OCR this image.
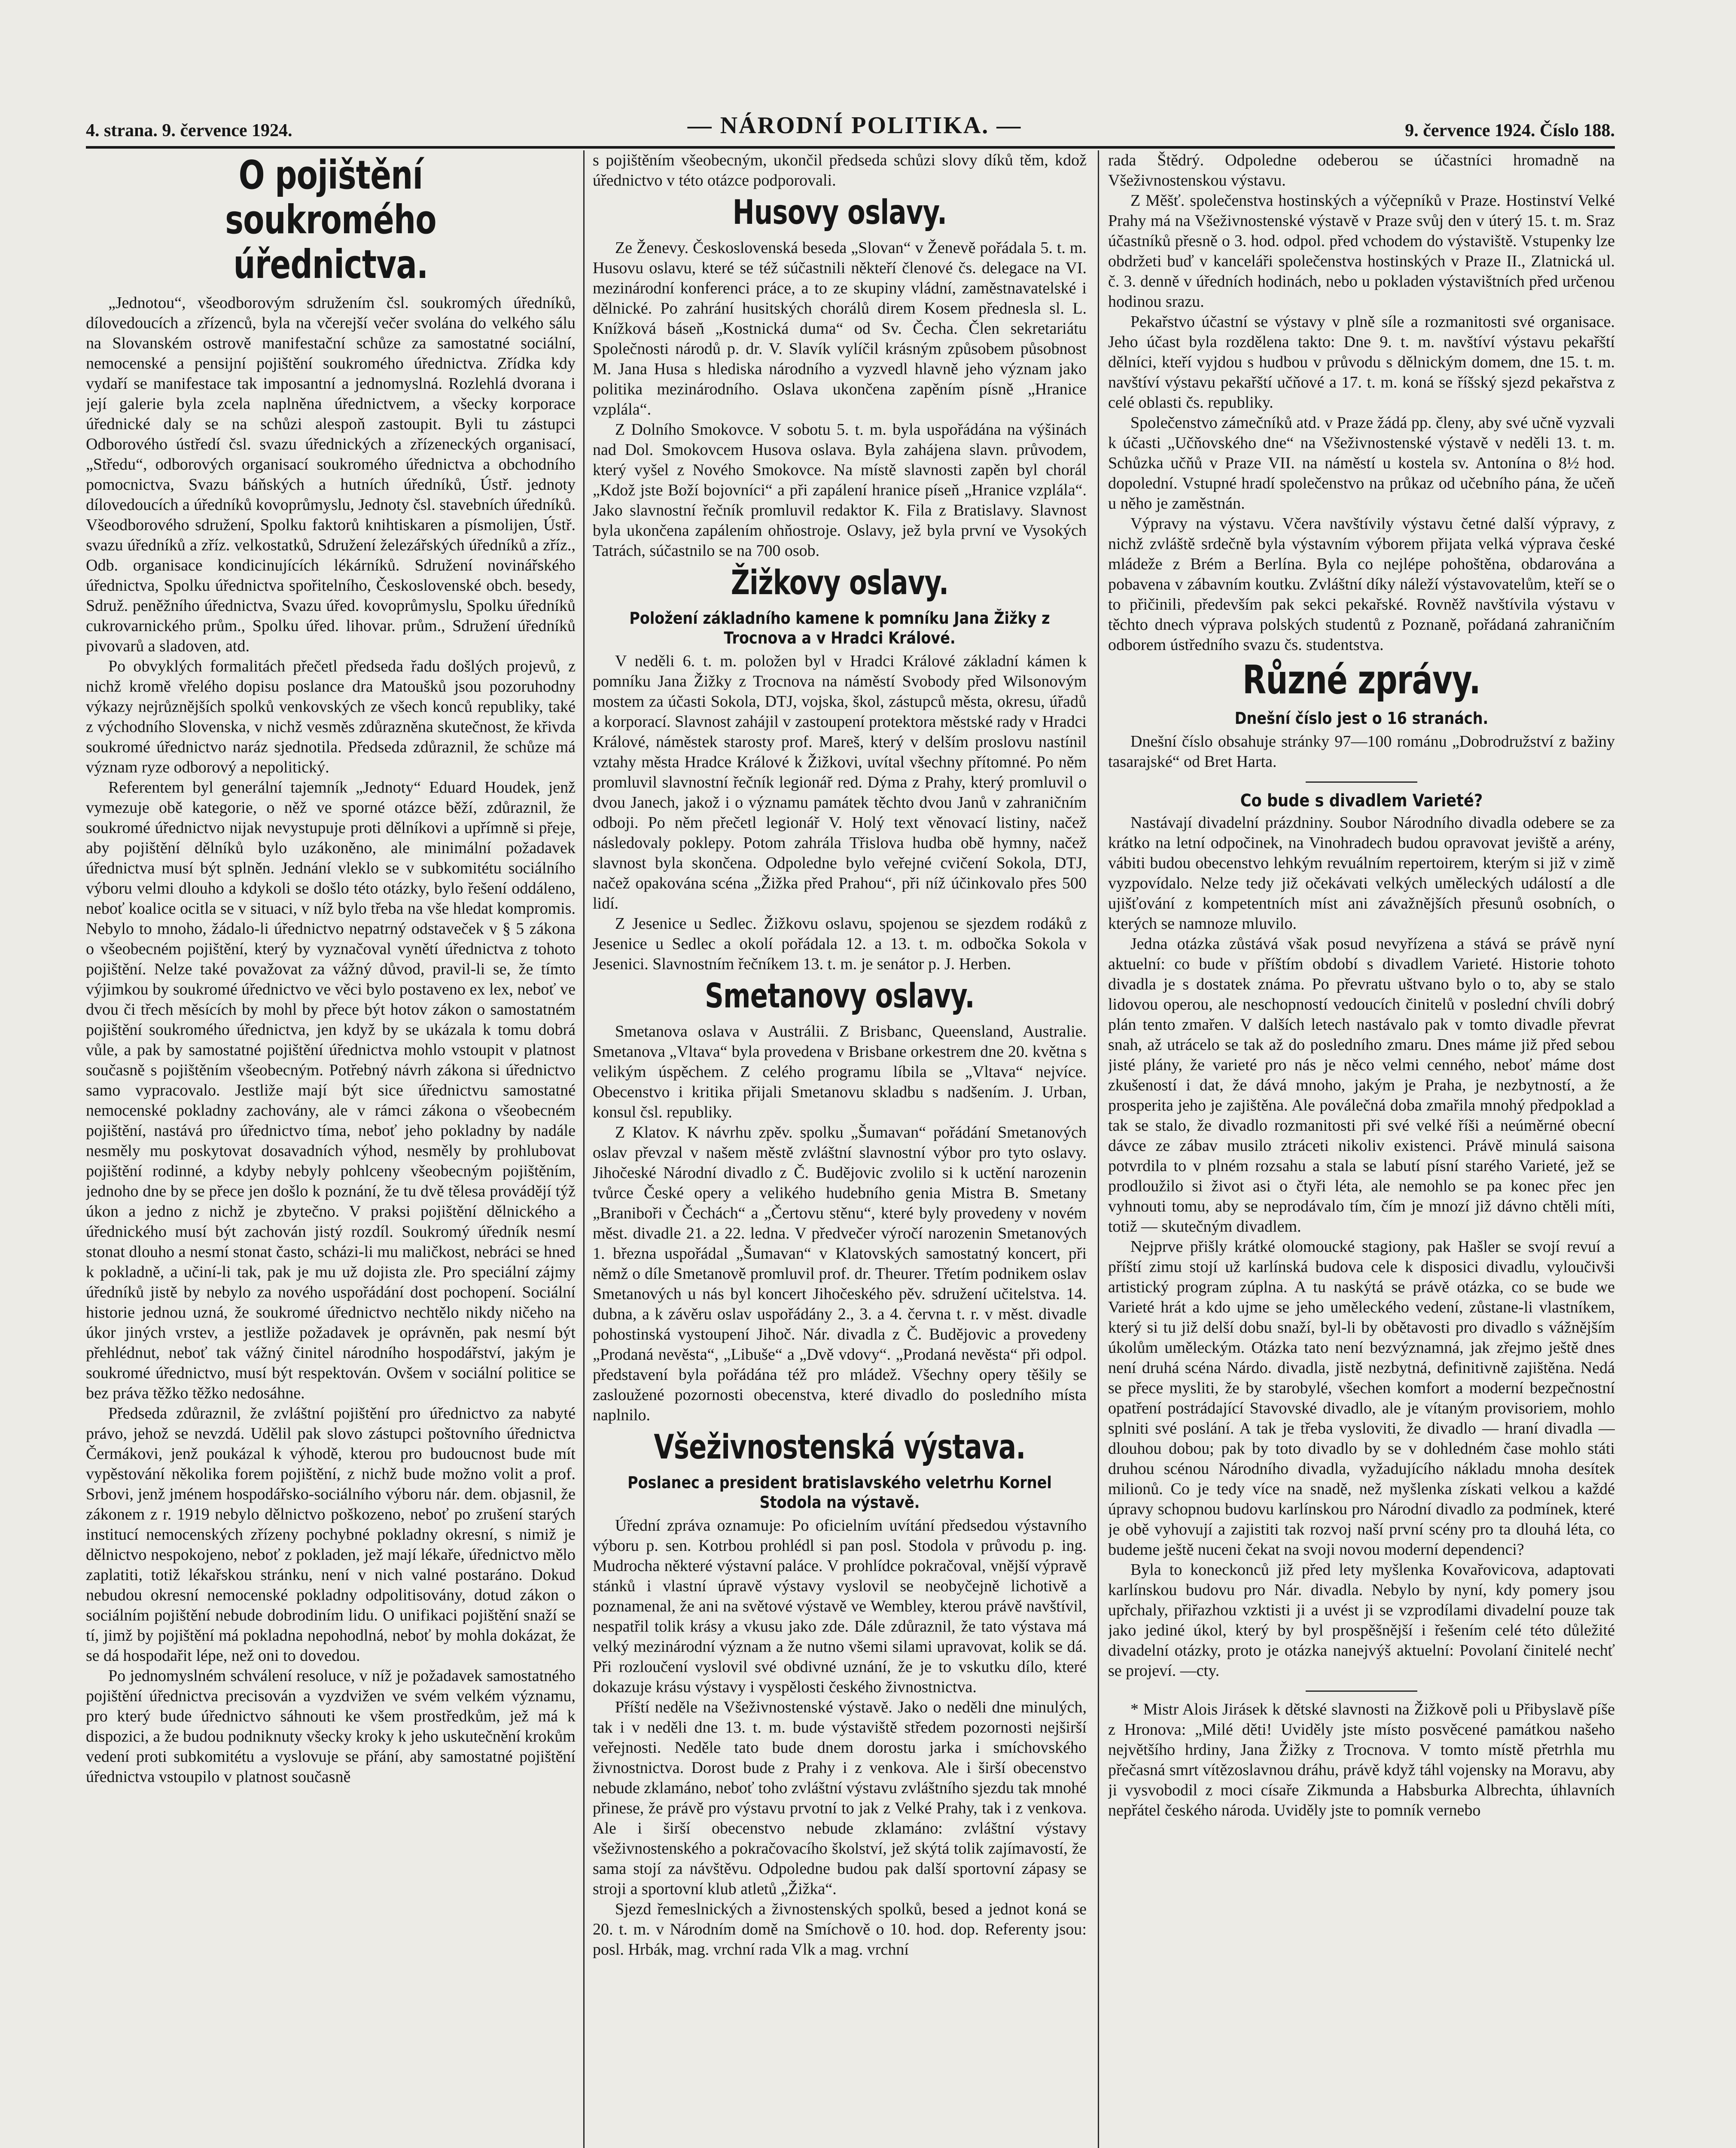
4. strana. 9. července 1924.	— NÁRODNÍ POLITIKA. —	9. července 1924. Číslo 188.
O pojištění soukromého úřednictva.

„Jednotou“, všeodborovým sdružením čsl. soukromých úředníků, dílovedoucích a zřízenců, byla na včerejší večer svolána do velkého sálu na Slovanském ostrově manifestační schůze za samostatné sociální, nemocenské a pensijní pojištění soukromého úřednictva. Zřídka kdy vydaří se manifestace tak imposantní a jednomyslná. Rozlehlá dvorana i její galerie byla zcela naplněna úřednictvem, a všecky korporace úřednické daly se na schůzi alespoň zastoupit. Byli tu zástupci Odborového ústředí čsl. svazu úřednických a zřízeneckých organisací, „Středu“, odborových organisací soukromého úřednictva a obchodního pomocnictva, Svazu báňských a hutních úředníků, Ústř. jednoty dílovedoucích a úředníků kovoprůmyslu, Jednoty čsl. stavebních úředníků. Všeodborového sdružení, Spolku faktorů knihtiskaren a písmolijen, Ústř. svazu úředníků a zříz. velkostatků, Sdružení železářských úředníků a zříz., Odb. organisace kondicinujících lékárníků. Sdružení novinářského úřednictva, Spolku úřednictva spořitelního, Československé obch. besedy, Sdruž. peněžního úřednictva, Svazu úřed. kovoprůmyslu, Spolku úředníků cukrovarnického prům., Spolku úřed. lihovar. prům., Sdružení úředníků pivovarů a sladoven, atd.

Po obvyklých formalitách přečetl předseda řadu došlých projevů, z nichž kromě vřelého dopisu poslance dra Matoušků jsou pozoruhodny výkazy nejrůznějších spolků venkovských ze všech konců republiky, také z východního Slovenska, v nichž vesměs zdůrazněna skutečnost, že křivda soukromé úřednictvo naráz sjednotila. Předseda zdůraznil, že schůze má význam ryze odborový a nepolitický.

Referentem byl generální tajemník „Jednoty“ Eduard Houdek, jenž vymezuje obě kategorie, o něž ve sporné otázce běží, zdůraznil, že soukromé úřednictvo nijak nevystupuje proti dělníkovi a upřímně si přeje, aby pojištění dělníků bylo uzákoněno, ale minimální požadavek úřednictva musí být splněn. Jednání vleklo se v subkomitétu sociálního výboru velmi dlouho a kdykoli se došlo této otázky, bylo řešení oddáleno, neboť koalice ocitla se v situaci, v níž bylo třeba na vše hledat kompromis. Nebylo to mnoho, žádalo-li úřednictvo nepatrný odstaveček v § 5 zákona o všeobecném pojištění, který by vyznačoval vynětí úřednictva z tohoto pojištění. Nelze také považovat za vážný důvod, pravil-li se, že tímto výjimkou by soukromé úřednictvo ve věci bylo postaveno ex lex, neboť ve dvou či třech měsících by mohl by přece být hotov zákon o samostatném pojištění soukromého úřednictva, jen když by se ukázala k tomu dobrá vůle, a pak by samostatné pojištění úřednictva mohlo vstoupit v platnost současně s pojištěním všeobecným. Potřebný návrh zákona si úřednictvo samo vypracovalo. Jestliže mají být sice úřednictvu samostatné nemocenské pokladny zachovány, ale v rámci zákona o všeobecném pojištění, nastává pro úřednictvo tíma, neboť jeho pokladny by nadále nesměly mu poskytovat dosavadních výhod, nesměly by prohlubovat pojištění rodinné, a kdyby nebyly pohlceny všeobecným pojištěním, jednoho dne by se přece jen došlo k poznání, že tu dvě tělesa provádějí týž úkon a jedno z nichž je zbytečno. V praksi pojištění dělnického a úřednického musí být zachován jistý rozdíl. Soukromý úředník nesmí stonat dlouho a nesmí stonat často, scházi-li mu maličkost, nebráci se hned k pokladně, a učiní-li tak, pak je mu už dojista zle. Pro speciální zájmy úředníků jistě by nebylo za nového uspořádání dost pochopení. Sociální historie jednou uzná, že soukromé úřednictvo nechtělo nikdy ničeho na úkor jiných vrstev, a jestliže požadavek je oprávněn, pak nesmí být přehlédnut, neboť tak vážný činitel národního hospodářství, jakým je soukromé úřednictvo, musí být respektován. Ovšem v sociální politice se bez práva těžko těžko nedosáhne.

Předseda zdůraznil, že zvláštní pojištění pro úřednictvo za nabyté právo, jehož se nevzdá. Udělil pak slovo zástupci poštovního úřednictva Čermákovi, jenž poukázal k výhodě, kterou pro budoucnost bude mít vypěstování několika forem pojištění, z nichž bude možno volit a prof. Srbovi, jenž jménem hospodářsko-sociálního výboru nár. dem. objasnil, že zákonem z r. 1919 nebylo dělnictvo poškozeno, neboť po zrušení starých institucí nemocenských zřízeny pochybné pokladny okresní, s nimiž je dělnictvo nespokojeno, neboť z pokladen, jež mají lékaře, úřednictvo mělo zaplatiti, totiž lékařskou stránku, není v nich valné postaráno. Dokud nebudou okresní nemocenské pokladny odpolitisovány, dotud zákon o sociálním pojištění nebude dobrodiním lidu. O unifikaci pojištění snaží se tí, jimž by pojištění má pokladna nepohodlná, neboť by mohla dokázat, že se dá hospodařit lépe, než oni to dovedou.

Po jednomyslném schválení resoluce, v níž je požadavek samostatného pojištění úřednictva precisován a vyzdvižen ve svém velkém významu, pro který bude úřednictvo sáhnouti ke všem prostředkům, jež má k dispozici, a že budou podniknuty všecky kroky k jeho uskutečnění krokům vedení proti subkomitétu a vyslovuje se přání, aby samostatné pojištění úřednictva vstoupilo v platnost současně

s pojištěním všeobecným, ukončil předseda schůzi slovy díků těm, kdož úřednictvo v této otázce podporovali.

Husovy oslavy.

Ze Ženevy. Československá beseda „Slovan“ v Ženevě pořádala 5. t. m. Husovu oslavu, které se též súčastnili někteří členové čs. delegace na VI. mezinárodní konferenci práce, a to ze skupiny vládní, zaměstnavatelské i dělnické. Po zahrání husitských chorálů direm Kosem přednesla sl. L. Knížková báseň „Kostnická duma“ od Sv. Čecha. Člen sekretariátu Společnosti národů p. dr. V. Slavík vylíčil krásným způsobem působnost M. Jana Husa s hlediska národního a vyzvedl hlavně jeho význam jako politika mezinárodního. Oslava ukončena zapěním písně „Hranice vzplála“.

Z Dolního Smokovce. V sobotu 5. t. m. byla uspořádána na výšinách nad Dol. Smokovcem Husova oslava. Byla zahájena slavn. průvodem, který vyšel z Nového Smokovce. Na místě slavnosti zapěn byl chorál „Kdož jste Boží bojovníci“ a při zapálení hranice píseň „Hranice vzplála“. Jako slavnostní řečník promluvil redaktor K. Fila z Bratislavy. Slavnost byla ukončena zapálením ohňostroje. Oslavy, jež byla první ve Vysokých Tatrách, súčastnilo se na 700 osob.

Žižkovy oslavy.
Položení základního kamene k pomníku Jana Žižky z Trocnova a v Hradci Králové.

V neděli 6. t. m. položen byl v Hradci Králové základní kámen k pomníku Jana Žižky z Trocnova na náměstí Svobody před Wilsonovým mostem za účasti Sokola, DTJ, vojska, škol, zástupců města, okresu, úřadů a korporací. Slavnost zahájil v zastoupení protektora městské rady v Hradci Králové, náměstek starosty prof. Mareš, který v delším proslovu nastínil vztahy města Hradce Králové k Žižkovi, uvítal všechny přítomné. Po něm promluvil slavnostní řečník legionář red. Dýma z Prahy, který promluvil o dvou Janech, jakož i o významu památek těchto dvou Janů v zahraničním odboji. Po něm přečetl legionář V. Holý text věnovací listiny, načež následovaly poklepy. Potom zahrála Třislova hudba obě hymny, načež slavnost byla skončena. Odpoledne bylo veřejné cvičení Sokola, DTJ, načež opakována scéna „Žižka před Prahou“, při níž účinkovalo přes 500 lidí.

Z Jesenice u Sedlec. Žižkovu oslavu, spojenou se sjezdem rodáků z Jesenice u Sedlec a okolí pořádala 12. a 13. t. m. odbočka Sokola v Jesenici. Slavnostním řečníkem 13. t. m. je senátor p. J. Herben.

Smetanovy oslavy.

Smetanova oslava v Austrálii. Z Brisbanc, Queensland, Australie. Smetanova „Vltava“ byla provedena v Brisbane orkestrem dne 20. května s velikým úspěchem. Z celého programu líbila se „Vltava“ nejvíce. Obecenstvo i kritika přijali Smetanovu skladbu s nadšením. J. Urban, konsul čsl. republiky.

Z Klatov. K návrhu zpěv. spolku „Šumavan“ pořádání Smetanových oslav převzal v našem městě zvláštní slavnostní výbor pro tyto oslavy. Jihočeské Národní divadlo z Č. Budějovic zvolilo si k uctění narozenin tvůrce České opery a velikého hudebního genia Mistra B. Smetany „Braniboři v Čechách“ a „Čertovu stěnu“, které byly provedeny v novém měst. divadle 21. a 22. ledna. V předvečer výročí narozenin Smetanových 1. března uspořádal „Šumavan“ v Klatovských samostatný koncert, při němž o díle Smetanově promluvil prof. dr. Theurer. Třetím podnikem oslav Smetanových u nás byl koncert Jihočeského pěv. sdružení učitelstva. 14. dubna, a k závěru oslav uspořádány 2., 3. a 4. června t. r. v měst. divadle pohostinská vystoupení Jihoč. Nár. divadla z Č. Budějovic a provedeny „Prodaná nevěsta“, „Libuše“ a „Dvě vdovy“. „Prodaná nevěsta“ při odpol. představení byla pořádána též pro mládež. Všechny opery těšily se zasloužené pozornosti obecenstva, které divadlo do posledního místa naplnilo.

Všeživnostenská výstava.
Poslanec a president bratislavského veletrhu Kornel Stodola na výstavě.

Úřední zpráva oznamuje: Po oficielním uvítání předsedou výstavního výboru p. sen. Kotrbou prohlédl si pan posl. Stodola v průvodu p. ing. Mudrocha některé výstavní paláce. V prohlídce pokračoval, vnější výpravě stánků i vlastní úpravě výstavy vyslovil se neobyčejně lichotivě a poznamenal, že ani na světové výstavě ve Wembley, kterou právě navštívil, nespatřil tolik krásy a vkusu jako zde. Dále zdůraznil, že tato výstava má velký mezinárodní význam a že nutno všemi silami upravovat, kolik se dá. Při rozloučení vyslovil své obdivné uznání, že je to vskutku dílo, které dokazuje krásu výstavy i vyspělosti českého živnostnictva.

Příští neděle na Všeživnostenské výstavě. Jako o neděli dne minulých, tak i v neděli dne 13. t. m. bude výstaviště středem pozornosti nejširší veřejnosti. Neděle tato bude dnem dorostu jarka i smíchovského živnostnictva. Dorost bude z Prahy i z venkova. Ale i širší obecenstvo nebude zklamáno, neboť toho zvláštní výstavu zvláštního sjezdu tak mnohé přinese, že právě pro výstavu prvotní to jak z Velké Prahy, tak i z venkova. Ale i širší obecenstvo nebude zklamáno: zvláštní výstavy všeživnostenského a pokračovacího školství, jež skýtá tolik zajímavostí, že sama stojí za návštěvu. Odpoledne budou pak další sportovní zápasy se stroji a sportovní klub atletů „Žižka“.

Sjezd řemeslnických a živnostenských spolků, besed a jednot koná se 20. t. m. v Národním domě na Smíchově o 10. hod. dop. Referenty jsou: posl. Hrbák, mag. vrchní rada Vlk a mag. vrchní

rada Štědrý. Odpoledne odeberou se účastníci hromadně na Všeživnostenskou výstavu.

Z Měšť. společenstva hostinských a výčepníků v Praze. Hostinství Velké Prahy má na Všeživnostenské výstavě v Praze svůj den v úterý 15. t. m. Sraz účastníků přesně o 3. hod. odpol. před vchodem do výstaviště. Vstupenky lze obdržeti buď v kanceláři společenstva hostinských v Praze II., Zlatnická ul. č. 3. denně v úředních hodinách, nebo u pokladen výstavištních před určenou hodinou srazu.

Pekařstvo účastní se výstavy v plně síle a rozmanitosti své organisace. Jeho účast byla rozdělena takto: Dne 9. t. m. navštíví výstavu pekařští dělníci, kteří vyjdou s hudbou v průvodu s dělnickým domem, dne 15. t. m. navštíví výstavu pekařští učňové a 17. t. m. koná se říšský sjezd pekařstva z celé oblasti čs. republiky.

Společenstvo zámečníků atd. v Praze žádá pp. členy, aby své učně vyzvali k účasti „Učňovského dne“ na Všeživnostenské výstavě v neděli 13. t. m. Schůzka učňů v Praze VII. na náměstí u kostela sv. Antonína o 8½ hod. dopolední. Vstupné hradí společenstvo na průkaz od učebního pána, že učeň u něho je zaměstnán.

Výpravy na výstavu. Včera navštívily výstavu četné další výpravy, z nichž zvláště srdečně byla výstavním výborem přijata velká výprava české mládeže z Brém a Berlína. Byla co nejlépe pohoštěna, obdarována a pobavena v zábavním koutku. Zvláštní díky náleží výstavovatelům, kteří se o to přičinili, především pak sekci pekařské. Rovněž navštívila výstavu v těchto dnech výprava polských studentů z Poznaně, pořádaná zahraničním odborem ústředního svazu čs. studentstva.

Různé zprávy.
Dnešní číslo jest o 16 stranách.

Dnešní číslo obsahuje stránky 97—100 románu „Dobrodružství z bažiny tasarajské“ od Bret Harta.

Co bude s divadlem Varieté?

Nastávají divadelní prázdniny. Soubor Národního divadla odebere se za krátko na letní odpočinek, na Vinohradech budou opravovat jeviště a arény, vábiti budou obecenstvo lehkým revuálním repertoirem, kterým si již v zimě vyzpovídalo. Nelze tedy již očekávati velkých uměleckých událostí a dle ujišťování z kompetentních míst ani závažnějších přesunů osobních, o kterých se namnoze mluvilo.

Jedna otázka zůstává však posud nevyřízena a stává se právě nyní aktuelní: co bude v příštím období s divadlem Varieté. Historie tohoto divadla je s dostatek známa. Po převratu uštvano bylo o to, aby se stalo lidovou operou, ale neschopností vedoucích činitelů v poslední chvíli dobrý plán tento zmařen. V dalších letech nastávalo pak v tomto divadle převrat snah, až utrácelo se tak až do posledního zmaru. Dnes máme již před sebou jisté plány, že varieté pro nás je něco velmi cenného, neboť máme dost zkušeností i dat, že dává mnoho, jakým je Praha, je nezbytností, a že prosperita jeho je zajištěna. Ale poválečná doba zmařila mnohý předpoklad a tak se stalo, že divadlo rozmanitosti při své velké říši a neúměrné obecní dávce ze zábav musilo ztráceti nikoliv existenci. Právě minulá saisona potvrdila to v plném rozsahu a stala se labutí písní starého Varieté, jež se prodloužilo si život asi o čtyři léta, ale nemohlo se pa konec přec jen vyhnouti tomu, aby se neprodávalo tím, čím je mnozí již dávno chtěli míti, totiž — skutečným divadlem.

Nejprve přišly krátké olomoucké stagiony, pak Hašler se svojí revuí a příští zimu stojí už karlínská budova cele k disposici divadlu, vyloučivši artistický program zúplna. A tu naskýtá se právě otázka, co se bude we Varieté hrát a kdo ujme se jeho uměleckého vedení, zůstane-li vlastníkem, který si tu již delší dobu snaží, byl-li by obětavosti pro divadlo s vážnějším úkolům uměleckým. Otázka tato není bezvýznamná, jak zřejmo ještě dnes není druhá scéna Nárdo. divadla, jistě nezbytná, definitivně zajištěna. Nedá se přece mysliti, že by starobylé, všechen komfort a moderní bezpečnostní opatření postrádající Stavovské divadlo, ale je vítaným provisoriem, mohlo splniti své poslání. A tak je třeba vysloviti, že divadlo — hraní divadla — dlouhou dobou; pak by toto divadlo by se v dohledném čase mohlo státi druhou scénou Národního divadla, vyžadujícího nákladu mnoha desítek milionů. Co je tedy více na snadě, než myšlenka získati velkou a každé úpravy schopnou budovu karlínskou pro Národní divadlo za podmínek, které je obě vyhovují a zajistiti tak rozvoj naší první scény pro ta dlouhá léta, co budeme ještě nuceni čekat na svoji novou moderní dependenci?

Byla to koneckonců již před lety myšlenka Kovařovicova, adaptovati karlínskou budovu pro Nár. divadla. Nebylo by nyní, kdy pomery jsou upřchaly, přiřazhou vzktisti ji a uvést ji se vzprodílami divadelní pouze tak jako jediné úkol, který by byl prospěšnější i řešením celé této důležité divadelní otázky, proto je otázka nanejvýš aktuelní: Povolaní činitelé nechť se projeví. —cty.

* Mistr Alois Jirásek k dětské slavnosti na Žižkově poli u Přibyslavě píše z Hronova: „Milé děti! Uviděly jste místo posvěcené památkou našeho největšího hrdiny, Jana Žižky z Trocnova. V tomto místě přetrhla mu přečasná smrt vítězoslavnou dráhu, právě když táhl vojensky na Moravu, aby ji vysvobodil z moci císaře Zikmunda a Habsburka Albrechta, úhlavních nepřátel českého národa. Uviděly jste to pomník vernebo
